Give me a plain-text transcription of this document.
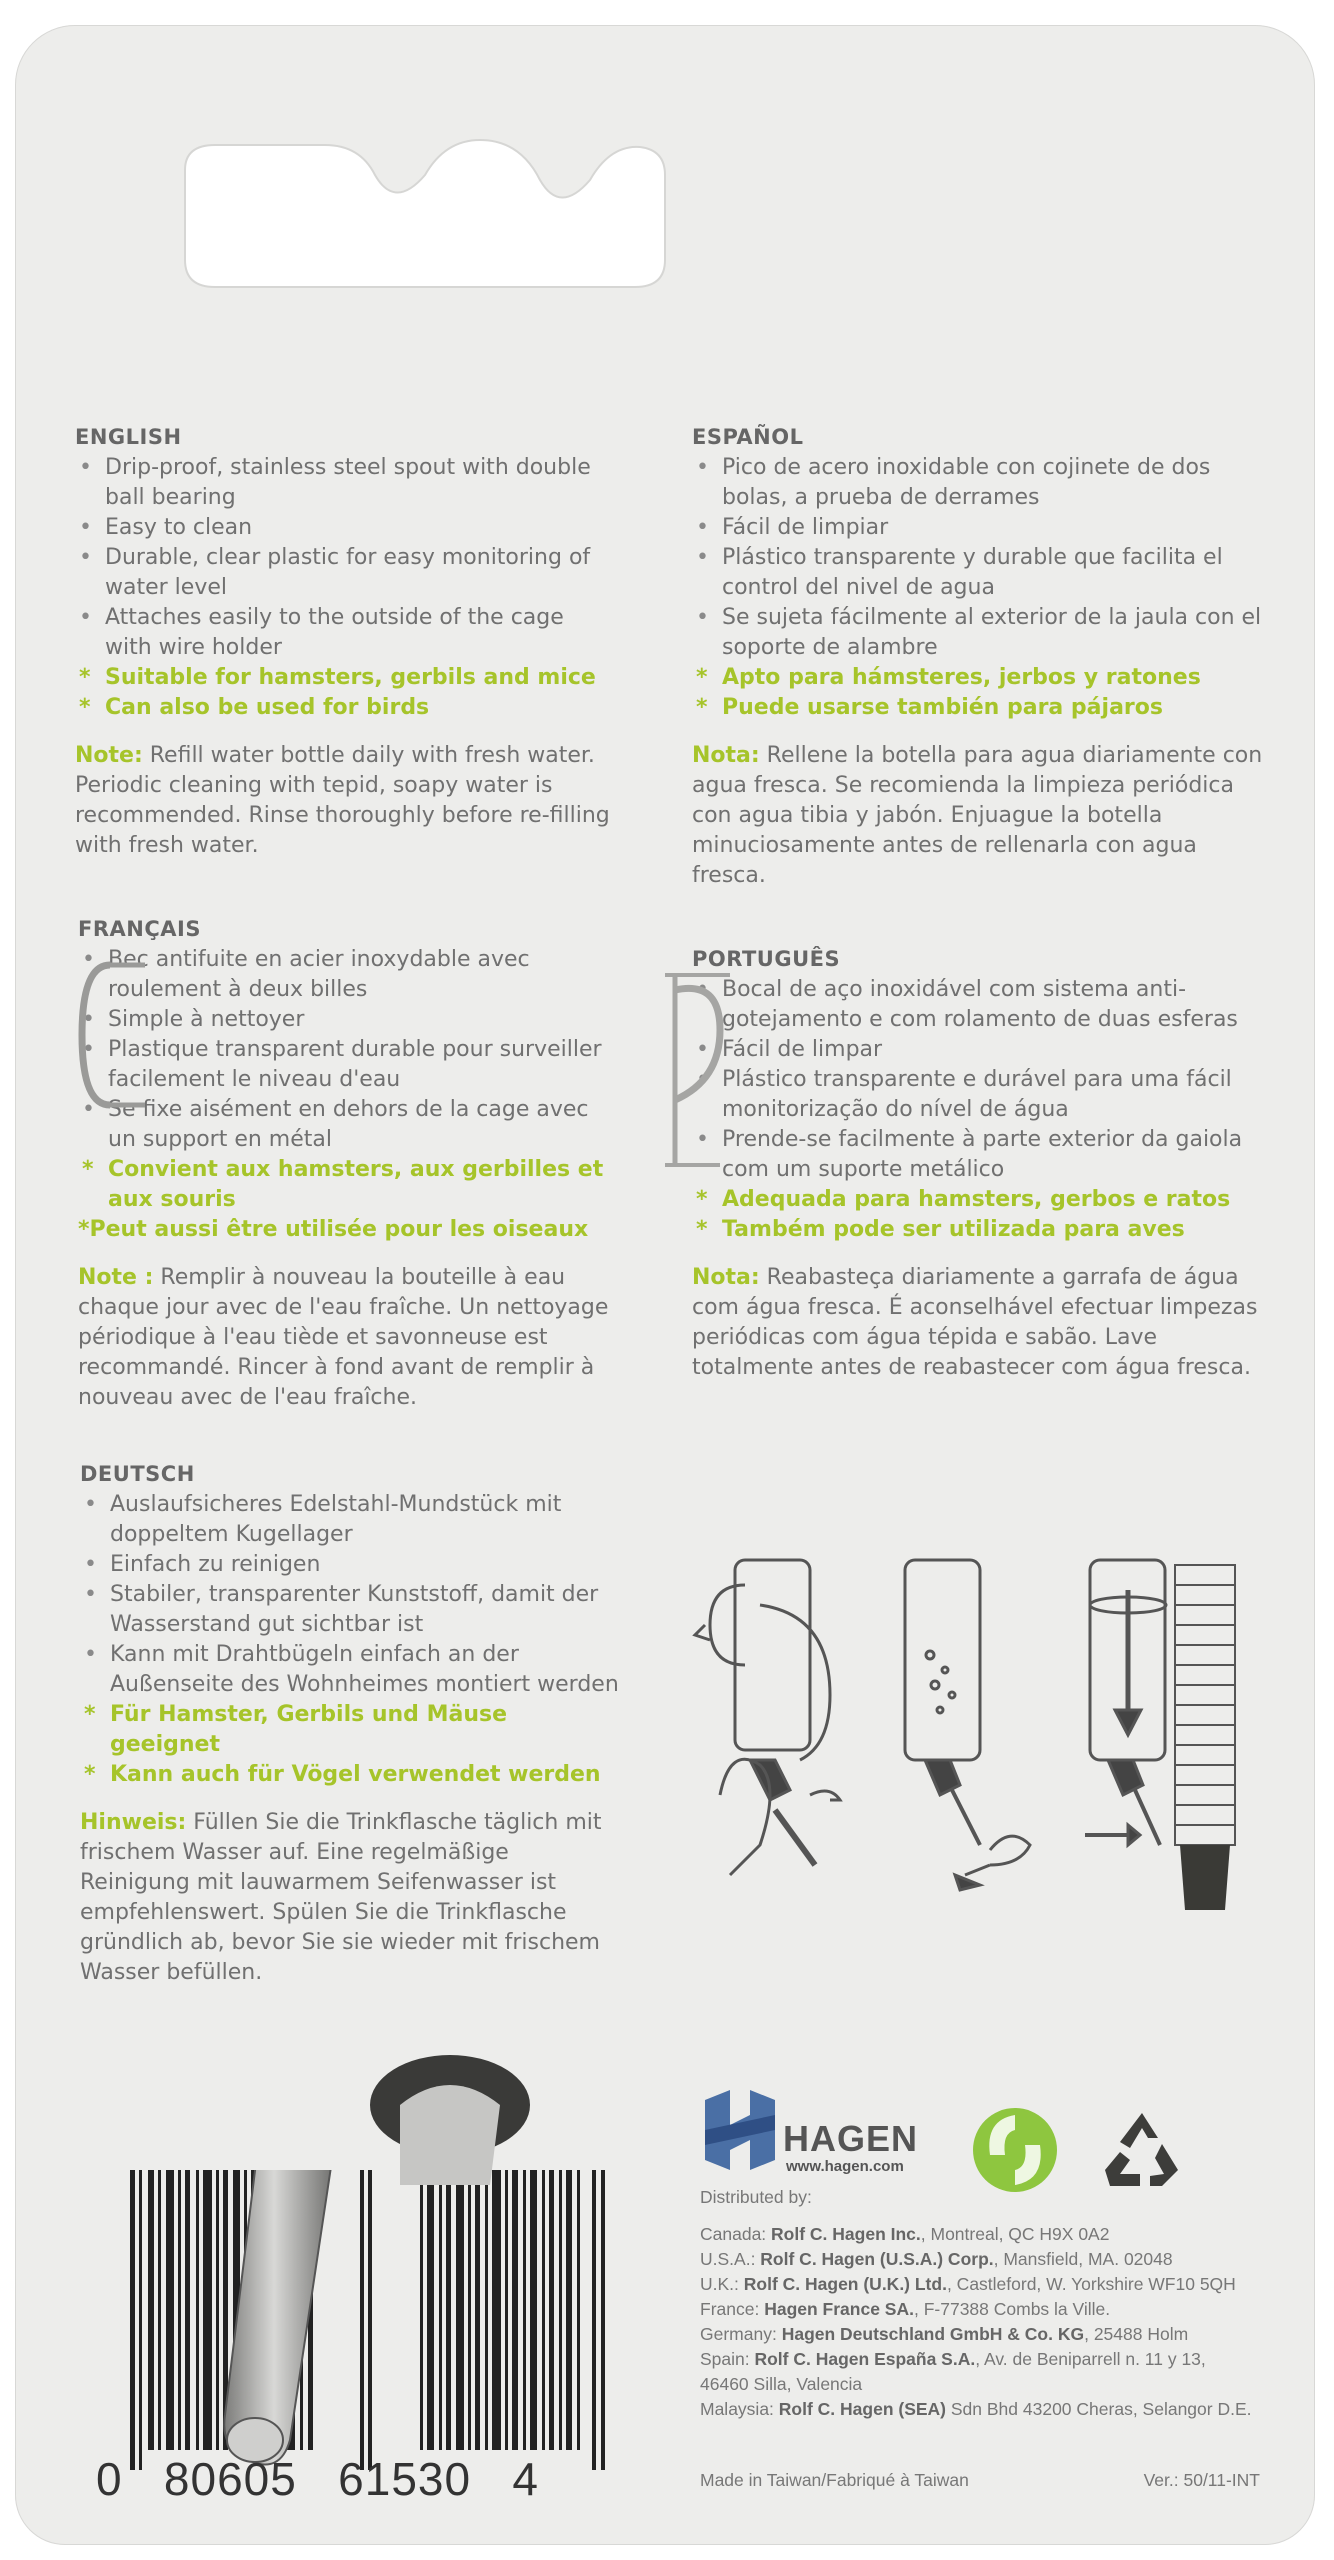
ENGLISH
• Drip-proof, stainless steel spout with double ball bearing
• Easy to clean
• Durable, clear plastic for easy monitoring of water level
• Attaches easily to the outside of the cage with wire holder
* Suitable for hamsters, gerbils and mice
* Can also be used for birds
Note: Refill water bottle daily with fresh water. Periodic cleaning with tepid, soapy water is recommended. Rinse thoroughly before re-filling with fresh water.
FRANÇAIS
• Bec antifuite en acier inoxydable avec roulement à deux billes
• Simple à nettoyer
• Plastique transparent durable pour surveiller facilement le niveau d'eau
• Se fixe aisément en dehors de la cage avec un support en métal
* Convient aux hamsters, aux gerbilles et aux souris
*Peut aussi être utilisée pour les oiseaux
Note : Remplir à nouveau la bouteille à eau chaque jour avec de l'eau fraîche. Un nettoyage périodique à l'eau tiède et savonneuse est recommandé. Rincer à fond avant de remplir à nouveau avec de l'eau fraîche.
DEUTSCH
• Auslaufsicheres Edelstahl-Mundstück mit doppeltem Kugellager
• Einfach zu reinigen
• Stabiler, transparenter Kunststoff, damit der Wasserstand gut sichtbar ist
• Kann mit Drahtbügeln einfach an der Außenseite des Wohnheimes montiert werden
* Für Hamster, Gerbils und Mäuse geeignet
* Kann auch für Vögel verwendet werden
Hinweis: Füllen Sie die Trinkflasche täglich mit frischem Wasser auf. Eine regelmäßige Reinigung mit lauwarmem Seifenwasser ist empfehlenswert. Spülen Sie die Trinkflasche gründlich ab, bevor Sie sie wieder mit frischem Wasser befüllen.
ESPAÑOL
• Pico de acero inoxidable con cojinete de dos bolas, a prueba de derrames
• Fácil de limpiar
• Plástico transparente y durable que facilita el control del nivel de agua
• Se sujeta fácilmente al exterior de la jaula con el soporte de alambre
* Apto para hámsteres, jerbos y ratones
* Puede usarse también para pájaros
Nota: Rellene la botella para agua diariamente con agua fresca. Se recomienda la limpieza periódica con agua tibia y jabón. Enjuague la botella minuciosamente antes de rellenarla con agua fresca.
PORTUGUÊS
• Bocal de aço inoxidável com sistema anti-gotejamento e com rolamento de duas esferas
• Fácil de limpar
• Plástico transparente e durável para uma fácil monitorização do nível de água
• Prende-se facilmente à parte exterior da gaiola com um suporte metálico
* Adequada para hamsters, gerbos e ratos
* Também pode ser utilizada para aves
Nota: Reabasteça diariamente a garrafa de água com água fresca. É aconselhável efectuar limpezas periódicas com água tépida e sabão. Lave totalmente antes de reabastecer com água fresca.
0   80605   61530   4
HAGEN
www.hagen.com
Distributed by:
Canada: Rolf C. Hagen Inc., Montreal, QC H9X 0A2
U.S.A.: Rolf C. Hagen (U.S.A.) Corp., Mansfield, MA. 02048
U.K.: Rolf C. Hagen (U.K.) Ltd., Castleford, W. Yorkshire WF10 5QH
France: Hagen France SA., F-77388 Combs la Ville.
Germany: Hagen Deutschland GmbH & Co. KG, 25488 Holm
Spain: Rolf C. Hagen España S.A., Av. de Beniparrell n. 11 y 13,
46460 Silla, Valencia
Malaysia: Rolf C. Hagen (SEA) Sdn Bhd 43200 Cheras, Selangor D.E.
Made in Taiwan/Fabriqué à Taiwan	Ver.: 50/11-INT
